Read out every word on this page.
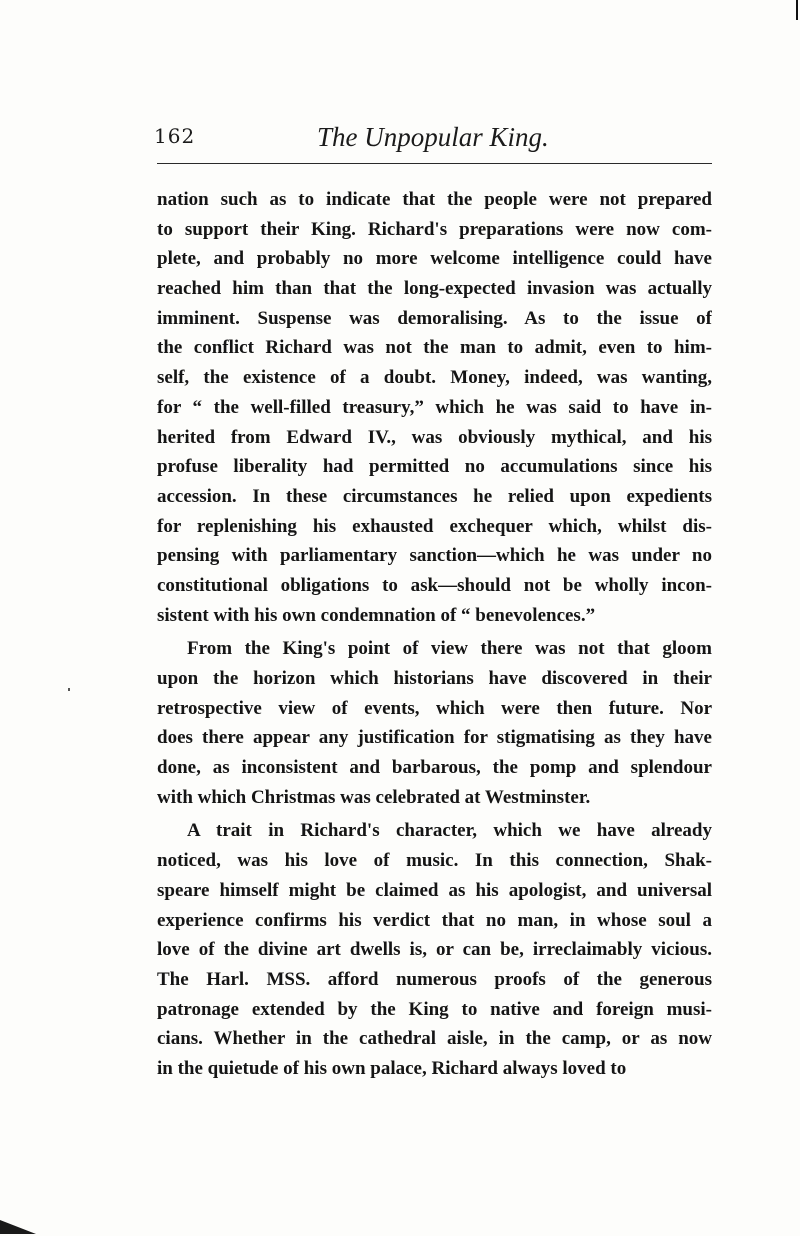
162	The Unpopular King.
nation such as to indicate that the people were not prepared
to support their King. Richard's preparations were now com-
plete, and probably no more welcome intelligence could have
reached him than that the long-expected invasion was actually
imminent. Suspense was demoralising. As to the issue of
the conflict Richard was not the man to admit, even to him-
self, the existence of a doubt. Money, indeed, was wanting,
for “ the well-filled treasury,” which he was said to have in-
herited from Edward IV., was obviously mythical, and his
profuse liberality had permitted no accumulations since his
accession. In these circumstances he relied upon expedients
for replenishing his exhausted exchequer which, whilst dis-
pensing with parliamentary sanction—which he was under no
constitutional obligations to ask—should not be wholly incon-
sistent with his own condemnation of “ benevolences.”
From the King's point of view there was not that gloom
upon the horizon which historians have discovered in their
retrospective view of events, which were then future. Nor
does there appear any justification for stigmatising as they have
done, as inconsistent and barbarous, the pomp and splendour
with which Christmas was celebrated at Westminster.
A trait in Richard's character, which we have already
noticed, was his love of music. In this connection, Shak-
speare himself might be claimed as his apologist, and universal
experience confirms his verdict that no man, in whose soul a
love of the divine art dwells is, or can be, irreclaimably vicious.
The Harl. MSS. afford numerous proofs of the generous
patronage extended by the King to native and foreign musi-
cians. Whether in the cathedral aisle, in the camp, or as now
in the quietude of his own palace, Richard always loved to
